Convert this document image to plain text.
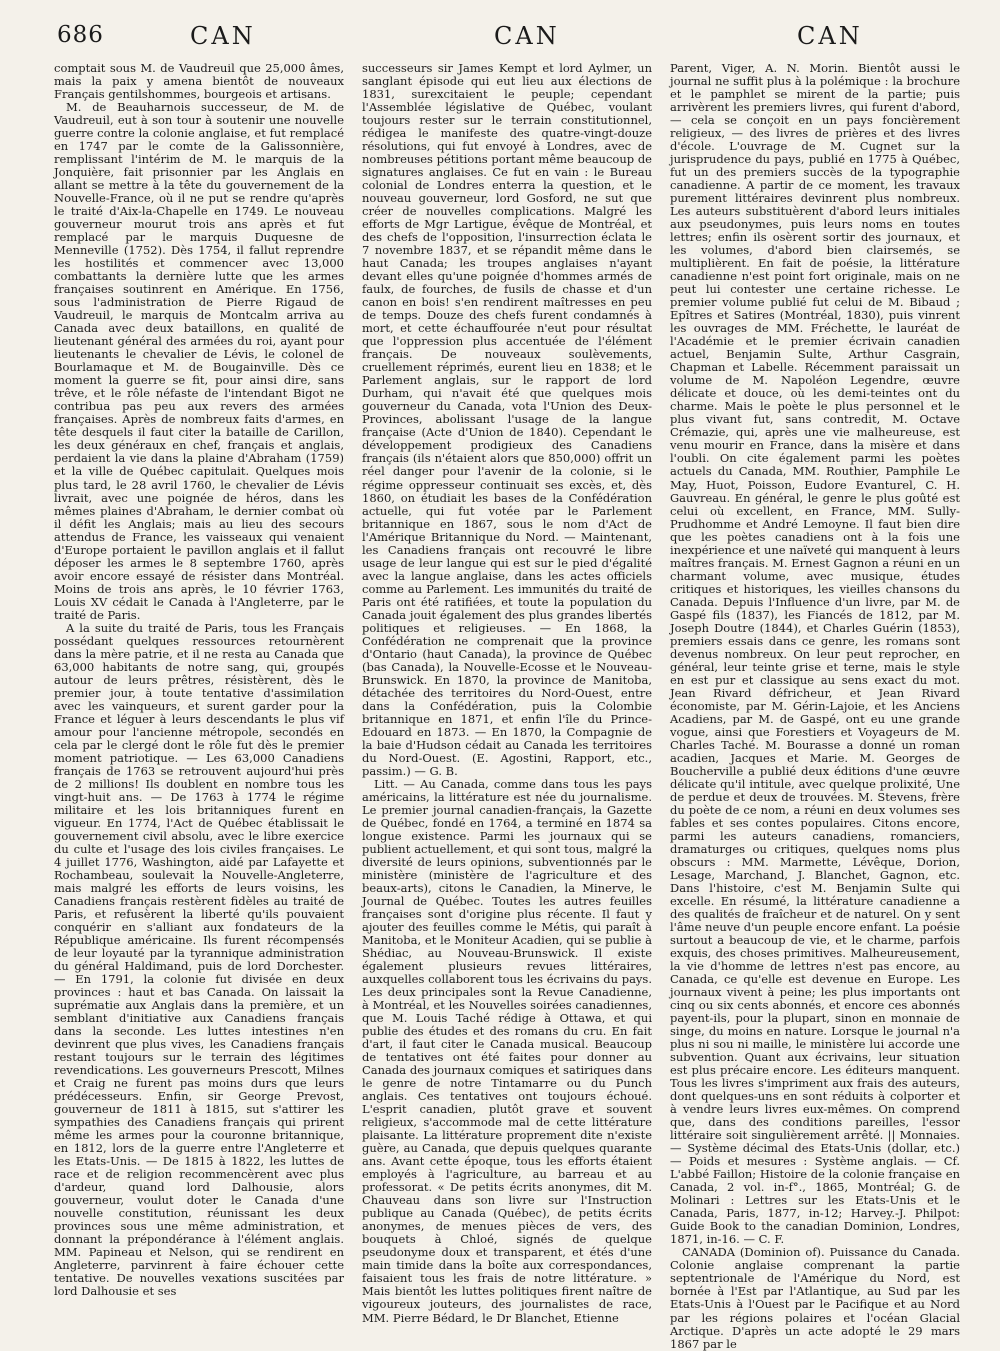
686	CAN	CAN	CAN

comptait sous M. de Vaudreuil que 25,000 âmes, mais la paix y amena bientôt de nouveaux Français gentilshommes, bourgeois et artisans.

M. de Beauharnois successeur, de M. de Vaudreuil, eut à son tour à soutenir une nouvelle guerre contre la colonie anglaise, et fut remplacé en 1747 par le comte de la Galissonnière, remplissant l'intérim de M. le marquis de la Jonquière, fait prisonnier par les Anglais en allant se mettre à la tête du gouvernement de la Nouvelle-France, où il ne put se rendre qu'après le traité d'Aix-la-Chapelle en 1749. Le nouveau gouverneur mourut trois ans après et fut remplacé par le marquis Duquesne de Menneville (1752). Dès 1754, il fallut reprendre les hostilités et commencer avec 13,000 combattants la dernière lutte que les armes françaises soutinrent en Amérique. En 1756, sous l'administration de Pierre Rigaud de Vaudreuil, le marquis de Montcalm arriva au Canada avec deux bataillons, en qualité de lieutenant général des armées du roi, ayant pour lieutenants le chevalier de Lévis, le colonel de Bourlamaque et M. de Bougainville. Dès ce moment la guerre se fit, pour ainsi dire, sans trêve, et le rôle néfaste de l'intendant Bigot ne contribua pas peu aux revers des armées françaises. Après de nombreux faits d'armes, en tête desquels il faut citer la bataille de Carillon, les deux généraux en chef, français et anglais, perdaient la vie dans la plaine d'Abraham (1759) et la ville de Québec capitulait. Quelques mois plus tard, le 28 avril 1760, le chevalier de Lévis livrait, avec une poignée de héros, dans les mêmes plaines d'Abraham, le dernier combat où il défit les Anglais; mais au lieu des secours attendus de France, les vaisseaux qui venaient d'Europe portaient le pavillon anglais et il fallut déposer les armes le 8 septembre 1760, après avoir encore essayé de résister dans Montréal. Moins de trois ans après, le 10 février 1763, Louis XV cédait le Canada à l'Angleterre, par le traité de Paris.

A la suite du traité de Paris, tous les Français possédant quelques ressources retournèrent dans la mère patrie, et il ne resta au Canada que 63,000 habitants de notre sang, qui, groupés autour de leurs prêtres, résistèrent, dès le premier jour, à toute tentative d'assimilation avec les vainqueurs, et surent garder pour la France et léguer à leurs descendants le plus vif amour pour l'ancienne métropole, secondés en cela par le clergé dont le rôle fut dès le premier moment patriotique. — Les 63,000 Canadiens français de 1763 se retrouvent aujourd'hui près de 2 millions! Ils doublent en nombre tous les vingt-huit ans. — De 1763 à 1774 le régime militaire et les lois britanniques furent en vigueur. En 1774, l'Act de Québec établissait le gouvernement civil absolu, avec le libre exercice du culte et l'usage des lois civiles françaises. Le 4 juillet 1776, Washington, aidé par Lafayette et Rochambeau, soulevait la Nouvelle-Angleterre, mais malgré les efforts de leurs voisins, les Canadiens français restèrent fidèles au traité de Paris, et refusèrent la liberté qu'ils pouvaient conquérir en s'alliant aux fondateurs de la République américaine. Ils furent récompensés de leur loyauté par la tyrannique administration du général Haldimand, puis de lord Dorchester. — En 1791, la colonie fut divisée en deux provinces : haut et bas Canada. On laissait la suprématie aux Anglais dans la première, et un semblant d'initiative aux Canadiens français dans la seconde. Les luttes intestines n'en devinrent que plus vives, les Canadiens français restant toujours sur le terrain des légitimes revendications. Les gouverneurs Prescott, Milnes et Craig ne furent pas moins durs que leurs prédécesseurs. Enfin, sir George Prevost, gouverneur de 1811 à 1815, sut s'attirer les sympathies des Canadiens français qui prirent même les armes pour la couronne britannique, en 1812, lors de la guerre entre l'Angleterre et les Etats-Unis. — De 1815 à 1822, les luttes de race et de religion recommencèrent avec plus d'ardeur, quand lord Dalhousie, alors gouverneur, voulut doter le Canada d'une nouvelle constitution, réunissant les deux provinces sous une même administration, et donnant la prépondérance à l'élément anglais. MM. Papineau et Nelson, qui se rendirent en Angleterre, parvinrent à faire échouer cette tentative. De nouvelles vexations suscitées par lord Dalhousie et ses

successeurs sir James Kempt et lord Aylmer, un sanglant épisode qui eut lieu aux élections de 1831, surexcitaient le peuple; cependant l'Assemblée législative de Québec, voulant toujours rester sur le terrain constitutionnel, rédigea le manifeste des quatre-vingt-douze résolutions, qui fut envoyé à Londres, avec de nombreuses pétitions portant même beaucoup de signatures anglaises. Ce fut en vain : le Bureau colonial de Londres enterra la question, et le nouveau gouverneur, lord Gosford, ne sut que créer de nouvelles complications. Malgré les efforts de Mgr Lartigue, évêque de Montréal, et des chefs de l'opposition, l'insurrection éclata le 7 novembre 1837, et se répandit même dans le haut Canada; les troupes anglaises n'ayant devant elles qu'une poignée d'hommes armés de faulx, de fourches, de fusils de chasse et d'un canon en bois! s'en rendirent maîtresses en peu de temps. Douze des chefs furent condamnés à mort, et cette échauffourée n'eut pour résultat que l'oppression plus accentuée de l'élément français. De nouveaux soulèvements, cruellement réprimés, eurent lieu en 1838; et le Parlement anglais, sur le rapport de lord Durham, qui n'avait été que quelques mois gouverneur du Canada, vota l'Union des Deux-Provinces, abolissant l'usage de la langue française (Acte d'Union de 1840). Cependant le développement prodigieux des Canadiens français (ils n'étaient alors que 850,000) offrit un réel danger pour l'avenir de la colonie, si le régime oppresseur continuait ses excès, et, dès 1860, on étudiait les bases de la Confédération actuelle, qui fut votée par le Parlement britannique en 1867, sous le nom d'Act de l'Amérique Britannique du Nord. — Maintenant, les Canadiens français ont recouvré le libre usage de leur langue qui est sur le pied d'égalité avec la langue anglaise, dans les actes officiels comme au Parlement. Les immunités du traité de Paris ont été ratifiées, et toute la population du Canada jouit également des plus grandes libertés politiques et religieuses. — En 1868, la Confédération ne comprenait que la province d'Ontario (haut Canada), la province de Québec (bas Canada), la Nouvelle-Ecosse et le Nouveau-Brunswick. En 1870, la province de Manitoba, détachée des territoires du Nord-Ouest, entre dans la Confédération, puis la Colombie britannique en 1871, et enfin l'île du Prince-Edouard en 1873. — En 1870, la Compagnie de la baie d'Hudson cédait au Canada les territoires du Nord-Ouest. (E. Agostini, Rapport, etc., passim.) — G. B.

Litt. — Au Canada, comme dans tous les pays américains, la littérature est née du journalisme. Le premier journal canadien-français, la Gazette de Québec, fondé en 1764, a terminé en 1874 sa longue existence. Parmi les journaux qui se publient actuellement, et qui sont tous, malgré la diversité de leurs opinions, subventionnés par le ministère (ministère de l'agriculture et des beaux-arts), citons le Canadien, la Minerve, le Journal de Québec. Toutes les autres feuilles françaises sont d'origine plus récente. Il faut y ajouter des feuilles comme le Métis, qui paraît à Manitoba, et le Moniteur Acadien, qui se publie à Shédiac, au Nouveau-Brunswick. Il existe également plusieurs revues littéraires, auxquelles collaborent tous les écrivains du pays. Les deux principales sont la Revue Canadienne, à Montréal, et les Nouvelles soirées canadiennes, que M. Louis Taché rédige à Ottawa, et qui publie des études et des romans du cru. En fait d'art, il faut citer le Canada musical. Beaucoup de tentatives ont été faites pour donner au Canada des journaux comiques et satiriques dans le genre de notre Tintamarre ou du Punch anglais. Ces tentatives ont toujours échoué. L'esprit canadien, plutôt grave et souvent religieux, s'accommode mal de cette littérature plaisante. La littérature proprement dite n'existe guère, au Canada, que depuis quelques quarante ans. Avant cette époque, tous les efforts étaient employés à l'agriculture, au barreau et au professorat. « De petits écrits anonymes, dit M. Chauveau dans son livre sur l'Instruction publique au Canada (Québec), de petits écrits anonymes, de menues pièces de vers, des bouquets à Chloé, signés de quelque pseudonyme doux et transparent, et étés d'une main timide dans la boîte aux correspondances, faisaient tous les frais de notre littérature. » Mais bientôt les luttes politiques firent naître de vigoureux jouteurs, des journalistes de race, MM. Pierre Bédard, le Dr Blanchet, Etienne

Parent, Viger, A. N. Morin. Bientôt aussi le journal ne suffit plus à la polémique : la brochure et le pamphlet se mirent de la partie; puis arrivèrent les premiers livres, qui furent d'abord, — cela se conçoit en un pays foncièrement religieux, — des livres de prières et des livres d'école. L'ouvrage de M. Cugnet sur la jurisprudence du pays, publié en 1775 à Québec, fut un des premiers succès de la typographie canadienne. A partir de ce moment, les travaux purement littéraires devinrent plus nombreux. Les auteurs substituèrent d'abord leurs initiales aux pseudonymes, puis leurs noms en toutes lettres; enfin ils osèrent sortir des journaux, et les volumes, d'abord bien clairsemés, se multiplièrent. En fait de poésie, la littérature canadienne n'est point fort originale, mais on ne peut lui contester une certaine richesse. Le premier volume publié fut celui de M. Bibaud ; Epîtres et Satires (Montréal, 1830), puis vinrent les ouvrages de MM. Fréchette, le lauréat de l'Académie et le premier écrivain canadien actuel, Benjamin Sulte, Arthur Casgrain, Chapman et Labelle. Récemment paraissait un volume de M. Napoléon Legendre, œuvre délicate et douce, où les demi-teintes ont du charme. Mais le poète le plus personnel et le plus vivant fut, sans contredit, M. Octave Crémazie, qui, après une vie malheureuse, est venu mourir en France, dans la misère et dans l'oubli. On cite également parmi les poètes actuels du Canada, MM. Routhier, Pamphile Le May, Huot, Poisson, Eudore Evanturel, C. H. Gauvreau. En général, le genre le plus goûté est celui où excellent, en France, MM. Sully-Prudhomme et André Lemoyne. Il faut bien dire que les poètes canadiens ont à la fois une inexpérience et une naïveté qui manquent à leurs maîtres français. M. Ernest Gagnon a réuni en un charmant volume, avec musique, études critiques et historiques, les vieilles chansons du Canada. Depuis l'Influence d'un livre, par M. de Gaspé fils (1837), les Fiancés de 1812, par M. Joseph Doutre (1844), et Charles Guérin (1853), premiers essais dans ce genre, les romans sont devenus nombreux. On leur peut reprocher, en général, leur teinte grise et terne, mais le style en est pur et classique au sens exact du mot. Jean Rivard défricheur, et Jean Rivard économiste, par M. Gérin-Lajoie, et les Anciens Acadiens, par M. de Gaspé, ont eu une grande vogue, ainsi que Forestiers et Voyageurs de M. Charles Taché. M. Bourasse a donné un roman acadien, Jacques et Marie. M. Georges de Boucherville a publié deux éditions d'une œuvre délicate qu'il intitule, avec quelque prolixité, Une de perdue et deux de trouvées. M. Stevens, frère du poète de ce nom, a réuni en deux volumes ses fables et ses contes populaires. Citons encore, parmi les auteurs canadiens, romanciers, dramaturges ou critiques, quelques noms plus obscurs : MM. Marmette, Lévêque, Dorion, Lesage, Marchand, J. Blanchet, Gagnon, etc. Dans l'histoire, c'est M. Benjamin Sulte qui excelle. En résumé, la littérature canadienne a des qualités de fraîcheur et de naturel. On y sent l'âme neuve d'un peuple encore enfant. La poésie surtout a beaucoup de vie, et le charme, parfois exquis, des choses primitives. Malheureusement, la vie d'homme de lettres n'est pas encore, au Canada, ce qu'elle est devenue en Europe. Les journaux vivent à peine; les plus importants ont cinq ou six cents abonnés, et encore ces abonnés payent-ils, pour la plupart, sinon en monnaie de singe, du moins en nature. Lorsque le journal n'a plus ni sou ni maille, le ministère lui accorde une subvention. Quant aux écrivains, leur situation est plus précaire encore. Les éditeurs manquent. Tous les livres s'impriment aux frais des auteurs, dont quelques-uns en sont réduits à colporter et à vendre leurs livres eux-mêmes. On comprend que, dans des conditions pareilles, l'essor littéraire soit singulièrement arrêté. || Monnaies. — Système décimal des Etats-Unis (dollar, etc.) — Poids et mesures : Système anglais. — Cf. L'abbé Faillon; Histoire de la colonie française en Canada, 2 vol. in-f°., 1865, Montréal; G. de Molinari : Lettres sur les Etats-Unis et le Canada, Paris, 1877, in-12; Harvey.-J. Philpot: Guide Book to the canadian Dominion, Londres, 1871, in-16. — C. F.

CANADA (Dominion of). Puissance du Canada. Colonie anglaise comprenant la partie septentrionale de l'Amérique du Nord, est bornée à l'Est par l'Atlantique, au Sud par les Etats-Unis à l'Ouest par le Pacifique et au Nord par les régions polaires et l'océan Glacial Arctique. D'après un acte adopté le 29 mars 1867 par le
